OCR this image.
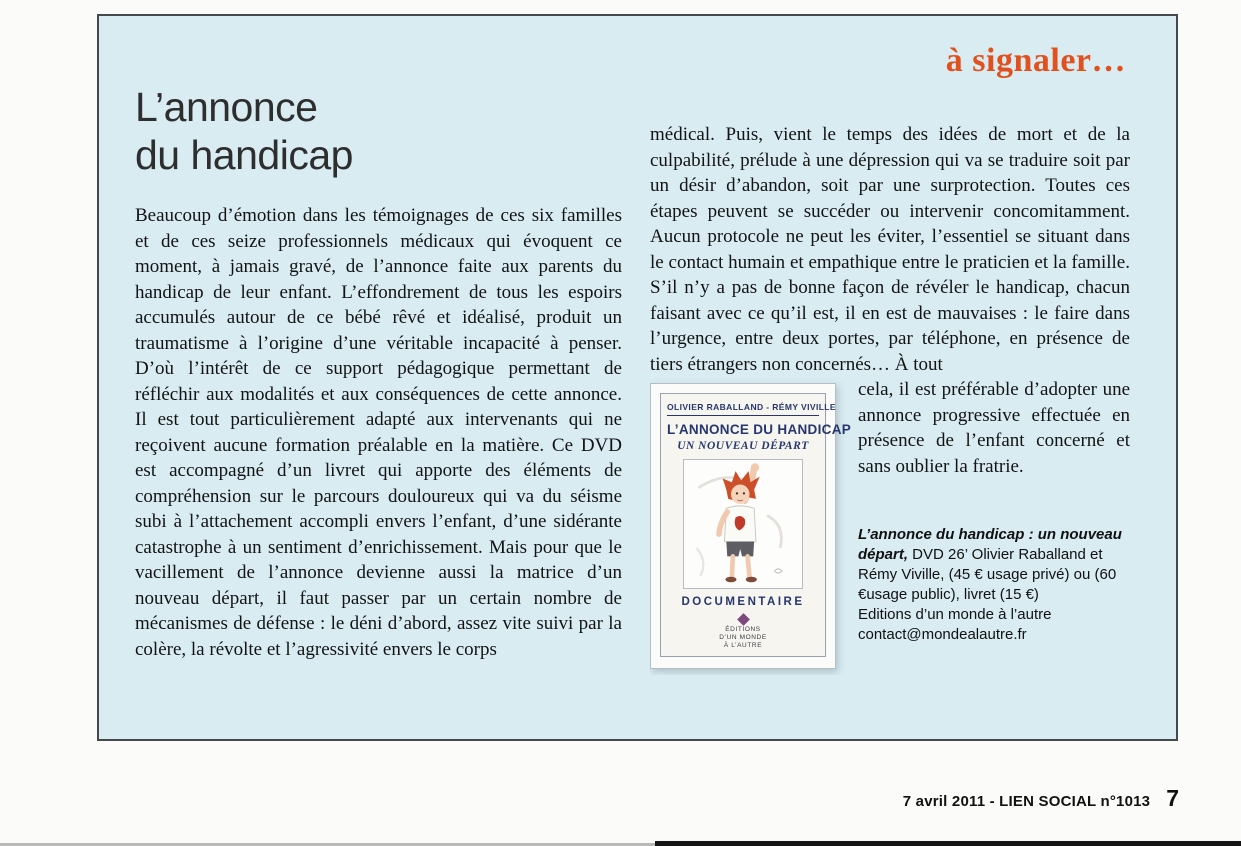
à signaler…
L’annonce
du handicap

Beaucoup d’émotion dans les témoignages de ces six familles et de ces seize professionnels médicaux qui évoquent ce moment, à jamais gravé, de l’annonce faite aux parents du handicap de leur enfant. L’effondrement de tous les espoirs accumulés autour de ce bébé rêvé et idéalisé, produit un traumatisme à l’origine d’une véritable incapacité à penser. D’où l’intérêt de ce support pédagogique permettant de réfléchir aux modalités et aux conséquences de cette annonce. Il est tout particulièrement adapté aux intervenants qui ne reçoivent aucune formation préalable en la matière. Ce DVD est accompagné d’un livret qui apporte des éléments de compréhension sur le parcours douloureux qui va du séisme subi à l’attachement accompli envers l’enfant, d’une sidérante catastrophe à un sentiment d’enrichissement. Mais pour que le vacillement de l’annonce devienne aussi la matrice d’un nouveau départ, il faut passer par un certain nombre de mécanismes de défense : le déni d’abord, assez vite suivi par la colère, la révolte et l’agressivité envers le corps

médical. Puis, vient le temps des idées de mort et de la culpabilité, prélude à une dépression qui va se traduire soit par un désir d’abandon, soit par une surprotection. Toutes ces étapes peuvent se succéder ou intervenir concomitamment. Aucun protocole ne peut les éviter, l’essentiel se situant dans le contact humain et empathique entre le praticien et la famille. S’il n’y a pas de bonne façon de révéler le handicap, chacun faisant avec ce qu’il est, il en est de mauvaises : le faire dans l’urgence, entre deux portes, par téléphone, en présence de tiers étrangers non concernés… À tout

OLIVIER RABALLAND - RÉMY VIVILLE
L’ANNONCE DU HANDICAP
UN NOUVEAU DÉPART
DOCUMENTAIRE
ÉDITIONS
D’UN MONDE
À L’AUTRE

cela, il est préférable d’adopter une annonce progressive effectuée en présence de l’enfant concerné et sans oublier la fratrie.

L’annonce du handicap : un nouveau départ, DVD 26’ Olivier Raballand et Rémy Viville, (45 € usage privé) ou (60 €usage public), livret (15 €)
Editions d’un monde à l’autre
contact@mondealautre.fr

7 avril 2011 - LIEN SOCIAL n°1013 7
